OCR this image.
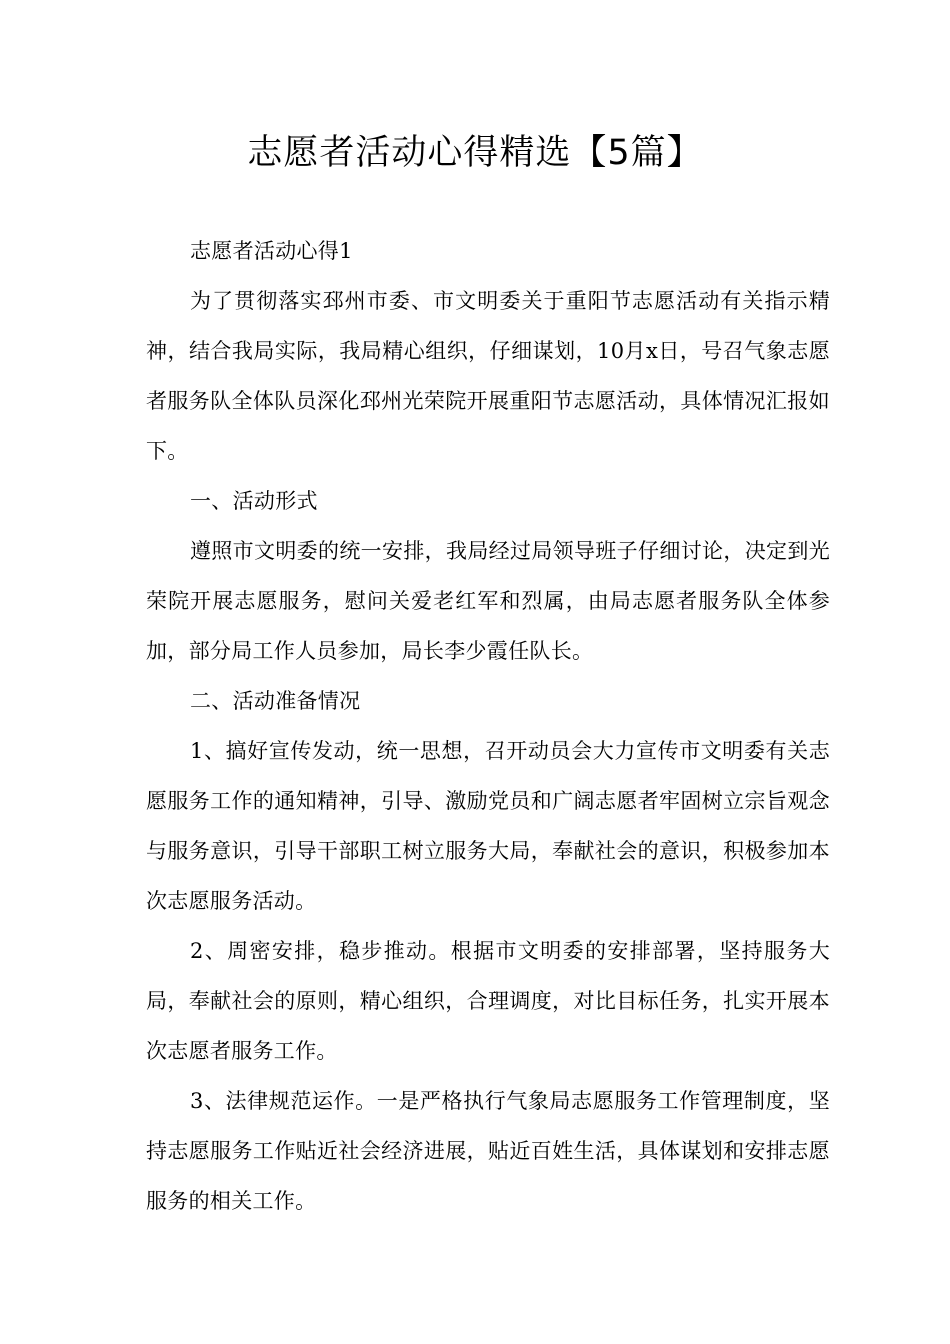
志愿者活动心得精选【5篇】

志愿者活动心得1

为了贯彻落实邳州市委、市文明委关于重阳节志愿活动有关指示精神，结合我局实际，我局精心组织，仔细谋划，10月x日，号召气象志愿者服务队全体队员深化邳州光荣院开展重阳节志愿活动，具体情况汇报如下。

一、活动形式

遵照市文明委的统一安排，我局经过局领导班子仔细讨论，决定到光荣院开展志愿服务，慰问关爱老红军和烈属，由局志愿者服务队全体参加，部分局工作人员参加，局长李少霞任队长。

二、活动准备情况

1、搞好宣传发动，统一思想，召开动员会大力宣传市文明委有关志愿服务工作的通知精神，引导、激励党员和广阔志愿者牢固树立宗旨观念与服务意识，引导干部职工树立服务大局，奉献社会的意识，积极参加本次志愿服务活动。

2、周密安排，稳步推动。根据市文明委的安排部署，坚持服务大局，奉献社会的原则，精心组织，合理调度，对比目标任务，扎实开展本次志愿者服务工作。

3、法律规范运作。一是严格执行气象局志愿服务工作管理制度，坚持志愿服务工作贴近社会经济进展，贴近百姓生活，具体谋划和安排志愿服务的相关工作。
